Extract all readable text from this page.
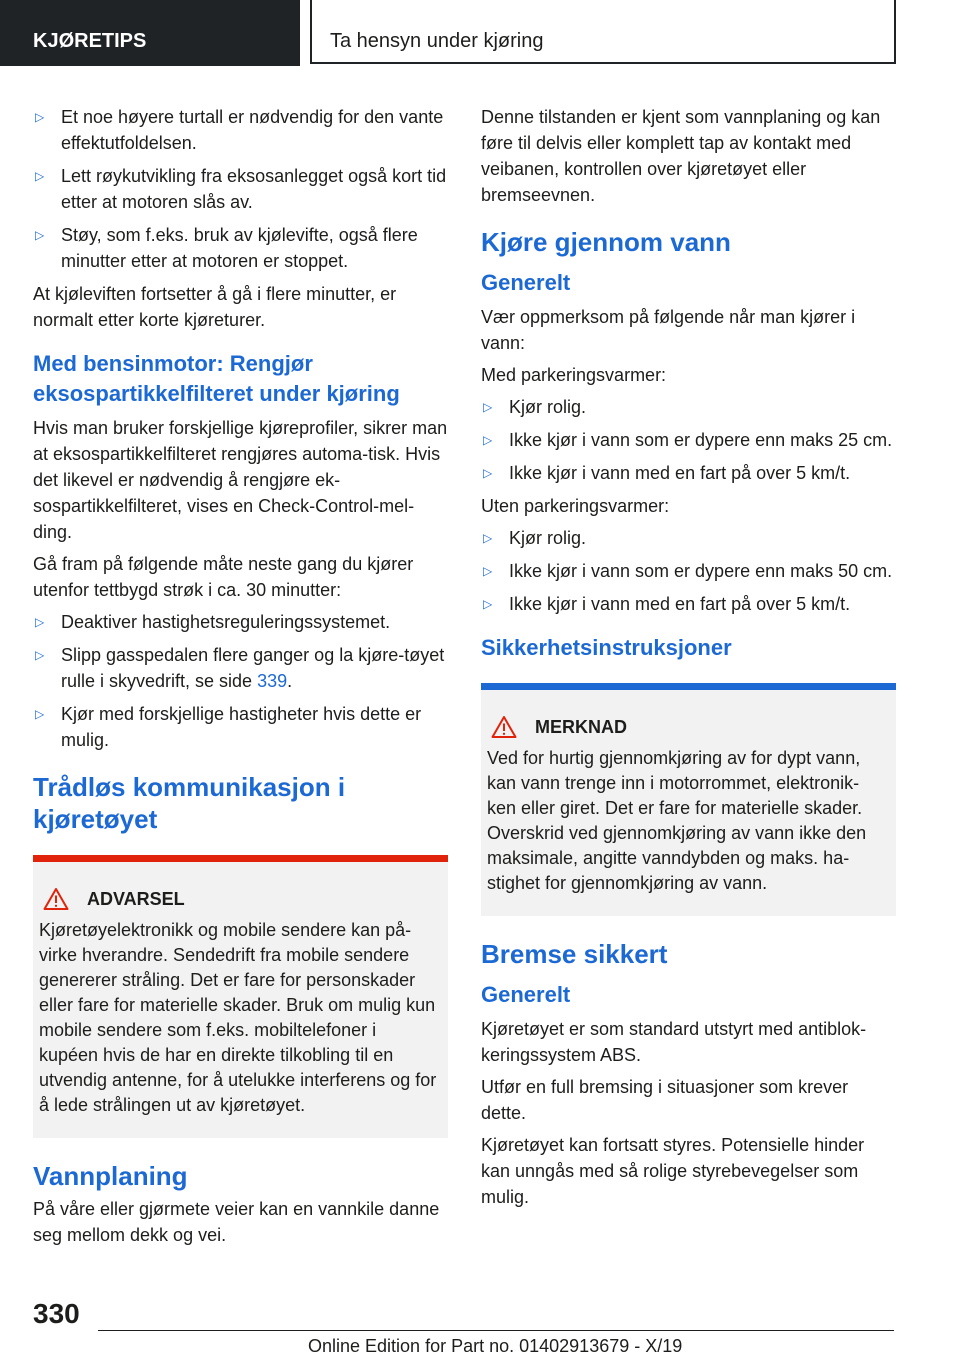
KJØRETIPS	Ta hensyn under kjøring
▷ Et noe høyere turtall er nødvendig for den vante effektutfoldelsen.
▷ Lett røykutvikling fra eksosanlegget også kort tid etter at motoren slås av.
▷ Støy, som f.eks. bruk av kjølevifte, også flere minutter etter at motoren er stoppet.

At kjøleviften fortsetter å gå i flere minutter, er normalt etter korte kjøreturer.

Med bensinmotor: Rengjør eksospartikkelfilteret under kjøring

Hvis man bruker forskjellige kjøreprofiler, sikrer man at eksospartikkelfilteret rengjøres automa‐tisk. Hvis det likevel er nødvendig å rengjøre ek‐sospartikkelfilteret, vises en Check-Control-mel‐ding.

Gå fram på følgende måte neste gang du kjører utenfor tettbygd strøk i ca. 30 minutter:

▷ Deaktiver hastighetsreguleringssystemet.
▷ Slipp gasspedalen flere ganger og la kjøre‐tøyet rulle i skyvedrift, se side 339.
▷ Kjør med forskjellige hastigheter hvis dette er mulig.
Trådløs kommunikasjon i kjøretøyet
ADVARSEL

Kjøretøyelektronikk og mobile sendere kan på‐virke hverandre. Sendedrift fra mobile sendere genererer stråling. Det er fare for personskader eller fare for materielle skader. Bruk om mulig kun mobile sendere som f.eks. mobiltelefoner i kupéen hvis de har en direkte tilkobling til en utvendig antenne, for å utelukke interferens og for å lede strålingen ut av kjøretøyet.

Vannplaning

På våre eller gjørmete veier kan en vannkile danne seg mellom dekk og vei.

Denne tilstanden er kjent som vannplaning og kan føre til delvis eller komplett tap av kontakt med veibanen, kontrollen over kjøretøyet eller bremseevnen.

Kjøre gjennom vann
Generelt

Vær oppmerksom på følgende når man kjører i vann:

Med parkeringsvarmer:

▷ Kjør rolig.
▷ Ikke kjør i vann som er dypere enn maks 25 cm.
▷ Ikke kjør i vann med en fart på over 5 km/t.

Uten parkeringsvarmer:

▷ Kjør rolig.
▷ Ikke kjør i vann som er dypere enn maks 50 cm.
▷ Ikke kjør i vann med en fart på over 5 km/t.
Sikkerhetsinstruksjoner
MERKNAD

Ved for hurtig gjennomkjøring av for dypt vann, kan vann trenge inn i motorrommet, elektronik‐ken eller giret. Det er fare for materielle skader. Overskrid ved gjennomkjøring av vann ikke den maksimale, angitte vanndybden og maks. ha‐stighet for gjennomkjøring av vann.

Bremse sikkert
Generelt

Kjøretøyet er som standard utstyrt med antiblok‐keringssystem ABS.

Utfør en full bremsing i situasjoner som krever dette.

Kjøretøyet kan fortsatt styres. Potensielle hinder kan unngås med så rolige styrebevegelser som mulig.

330
Online Edition for Part no. 01402913679 - X/19
